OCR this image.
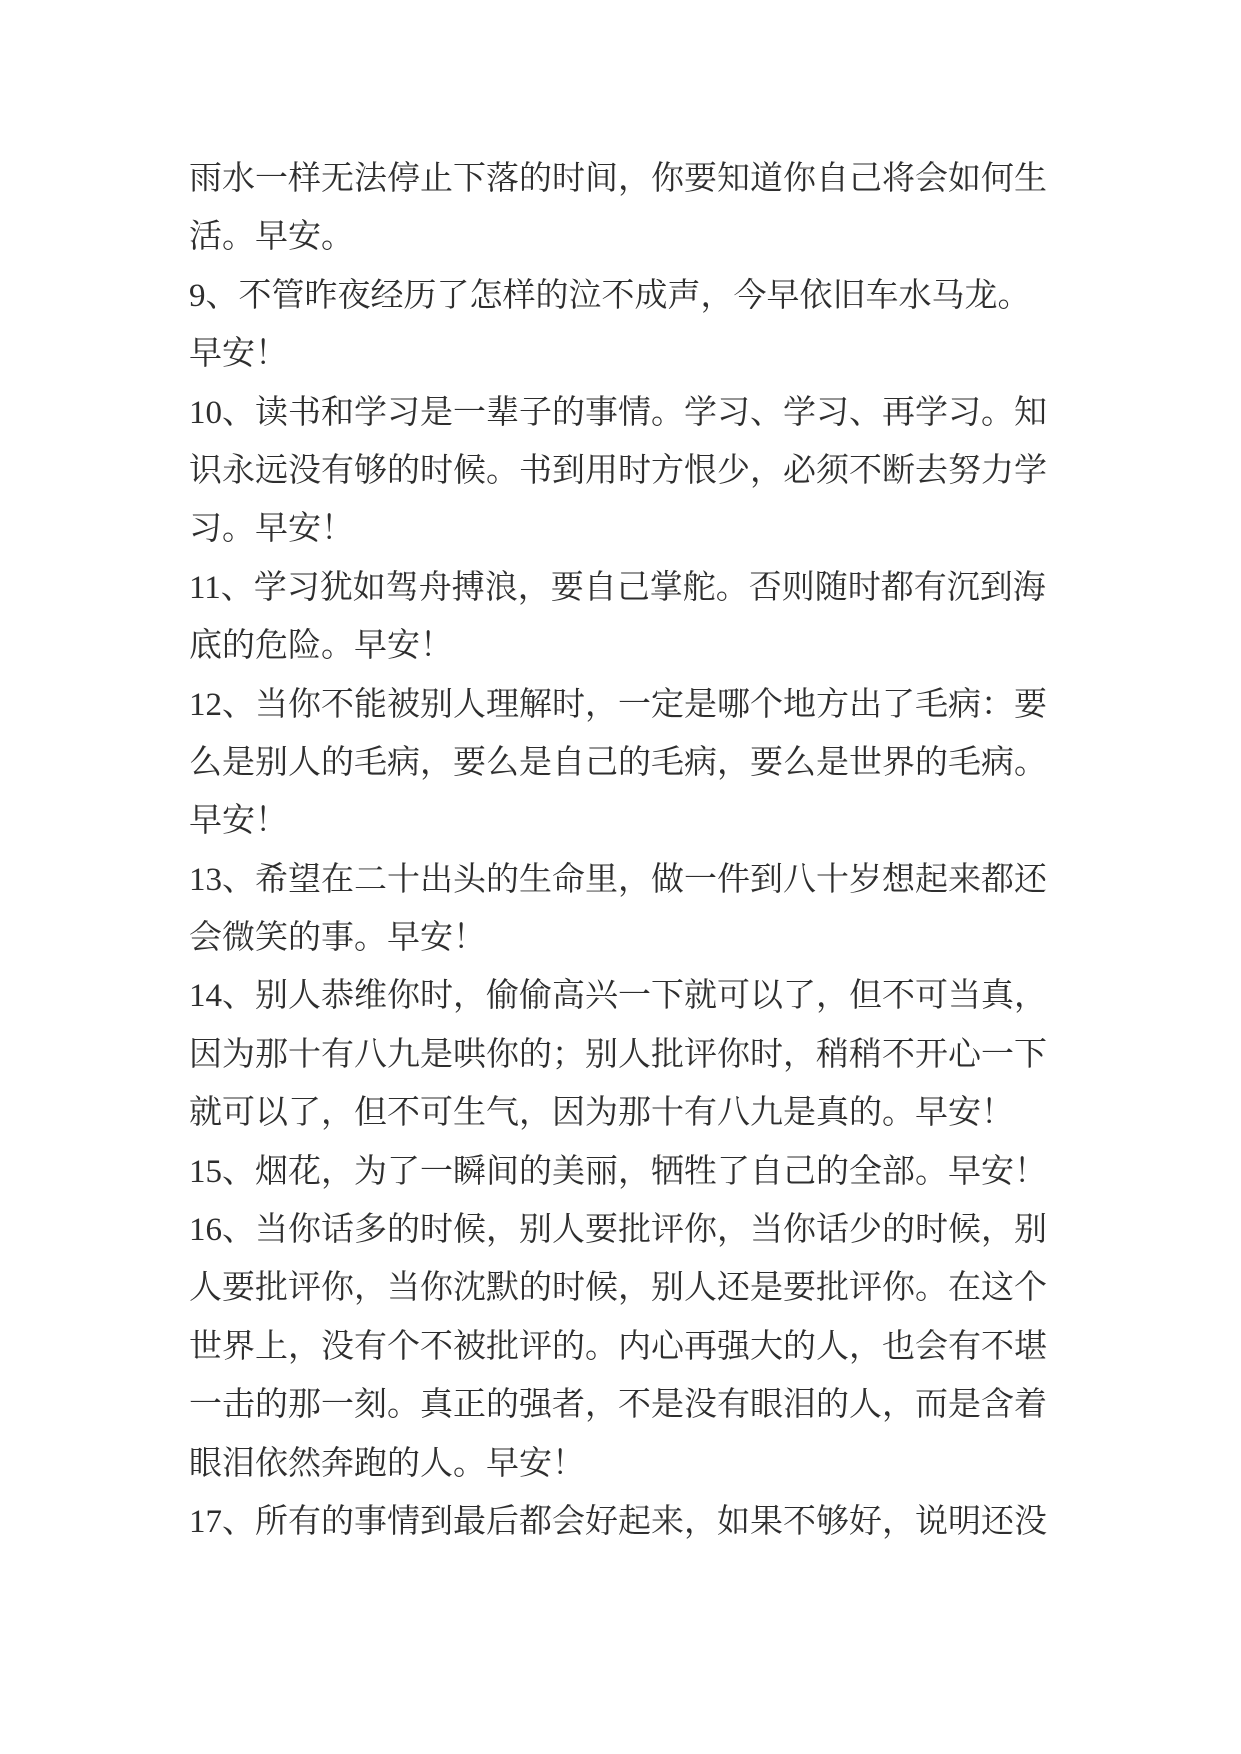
雨水一样无法停止下落的时间，你要知道你自己将会如何生
活。早安。
9、不管昨夜经历了怎样的泣不成声，今早依旧车水马龙。
早安！
10、读书和学习是一辈子的事情。学习、学习、再学习。知
识永远没有够的时候。书到用时方恨少，必须不断去努力学
习。早安！
11、学习犹如驾舟搏浪，要自己掌舵。否则随时都有沉到海
底的危险。早安！
12、当你不能被别人理解时，一定是哪个地方出了毛病：要
么是别人的毛病，要么是自己的毛病，要么是世界的毛病。
早安！
13、希望在二十出头的生命里，做一件到八十岁想起来都还
会微笑的事。早安！
14、别人恭维你时，偷偷高兴一下就可以了，但不可当真，
因为那十有八九是哄你的；别人批评你时，稍稍不开心一下
就可以了，但不可生气，因为那十有八九是真的。早安！
15、烟花，为了一瞬间的美丽，牺牲了自己的全部。早安！
16、当你话多的时候，别人要批评你，当你话少的时候，别
人要批评你，当你沈默的时候，别人还是要批评你。在这个
世界上，没有个不被批评的。内心再强大的人，也会有不堪
一击的那一刻。真正的强者，不是没有眼泪的人，而是含着
眼泪依然奔跑的人。早安！
17、所有的事情到最后都会好起来，如果不够好，说明还没
